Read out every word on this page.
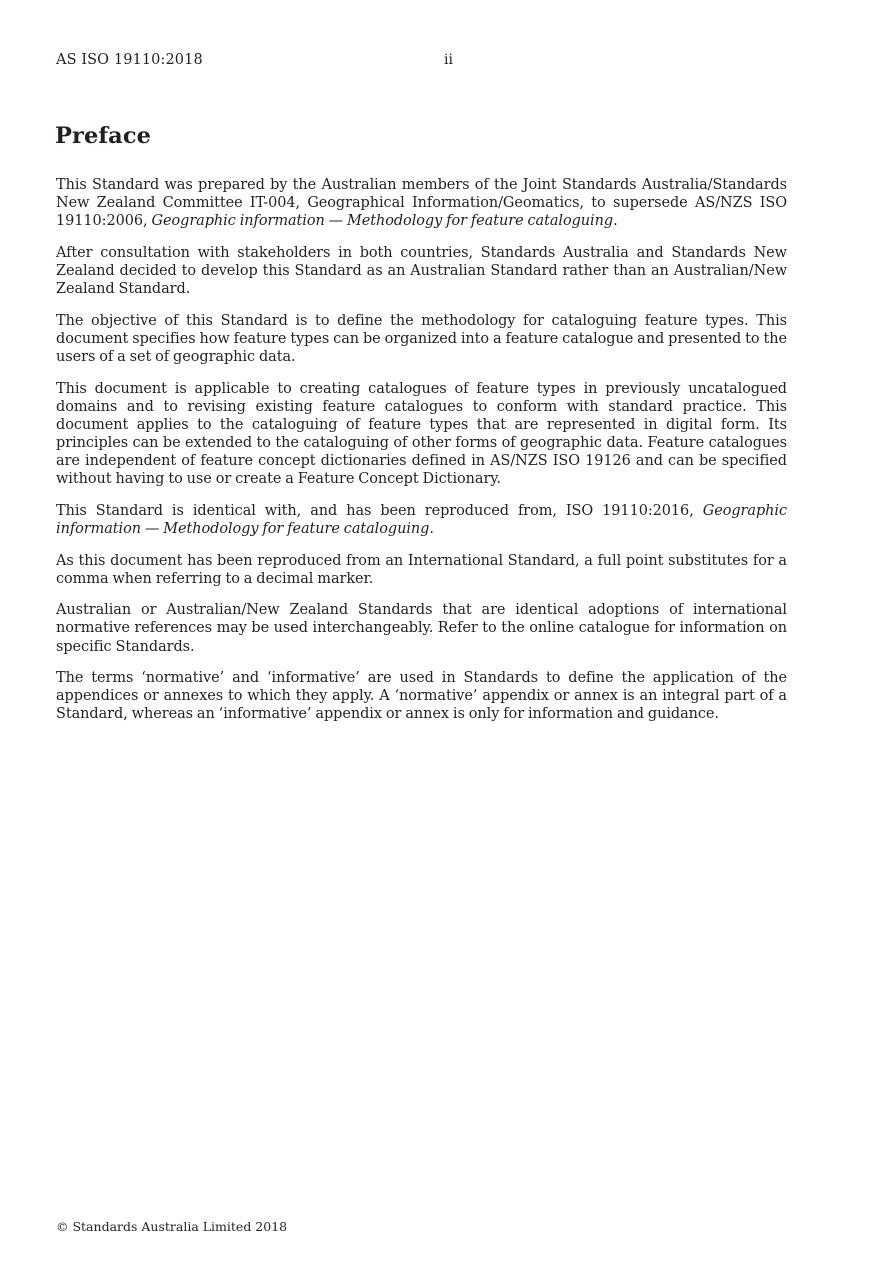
AS ISO 19110:2018	ii
Preface

This Standard was prepared by the Australian members of the Joint Standards Australia/Standards New Zealand Committee IT-004, Geographical Information/Geomatics, to supersede AS/NZS ISO 19110:2006, Geographic information — Methodology for feature cataloguing.

After consultation with stakeholders in both countries, Standards Australia and Standards New Zealand decided to develop this Standard as an Australian Standard rather than an Australian/New Zealand Standard.

The objective of this Standard is to define the methodology for cataloguing feature types. This document specifies how feature types can be organized into a feature catalogue and presented to the users of a set of geographic data.

This document is applicable to creating catalogues of feature types in previously uncatalogued domains and to revising existing feature catalogues to conform with standard practice. This document applies to the cataloguing of feature types that are represented in digital form. Its principles can be extended to the cataloguing of other forms of geographic data. Feature catalogues are independent of feature concept dictionaries defined in AS/NZS ISO 19126 and can be specified without having to use or create a Feature Concept Dictionary.

This Standard is identical with, and has been reproduced from, ISO 19110:2016, Geographic information — Methodology for feature cataloguing.

As this document has been reproduced from an International Standard, a full point substitutes for a comma when referring to a decimal marker.

Australian or Australian/New Zealand Standards that are identical adoptions of international normative references may be used interchangeably. Refer to the online catalogue for information on specific Standards.

The terms ‘normative’ and ‘informative’ are used in Standards to define the application of the appendices or annexes to which they apply. A ‘normative’ appendix or annex is an integral part of a Standard, whereas an ‘informative’ appendix or annex is only for information and guidance.

© Standards Australia Limited 2018
